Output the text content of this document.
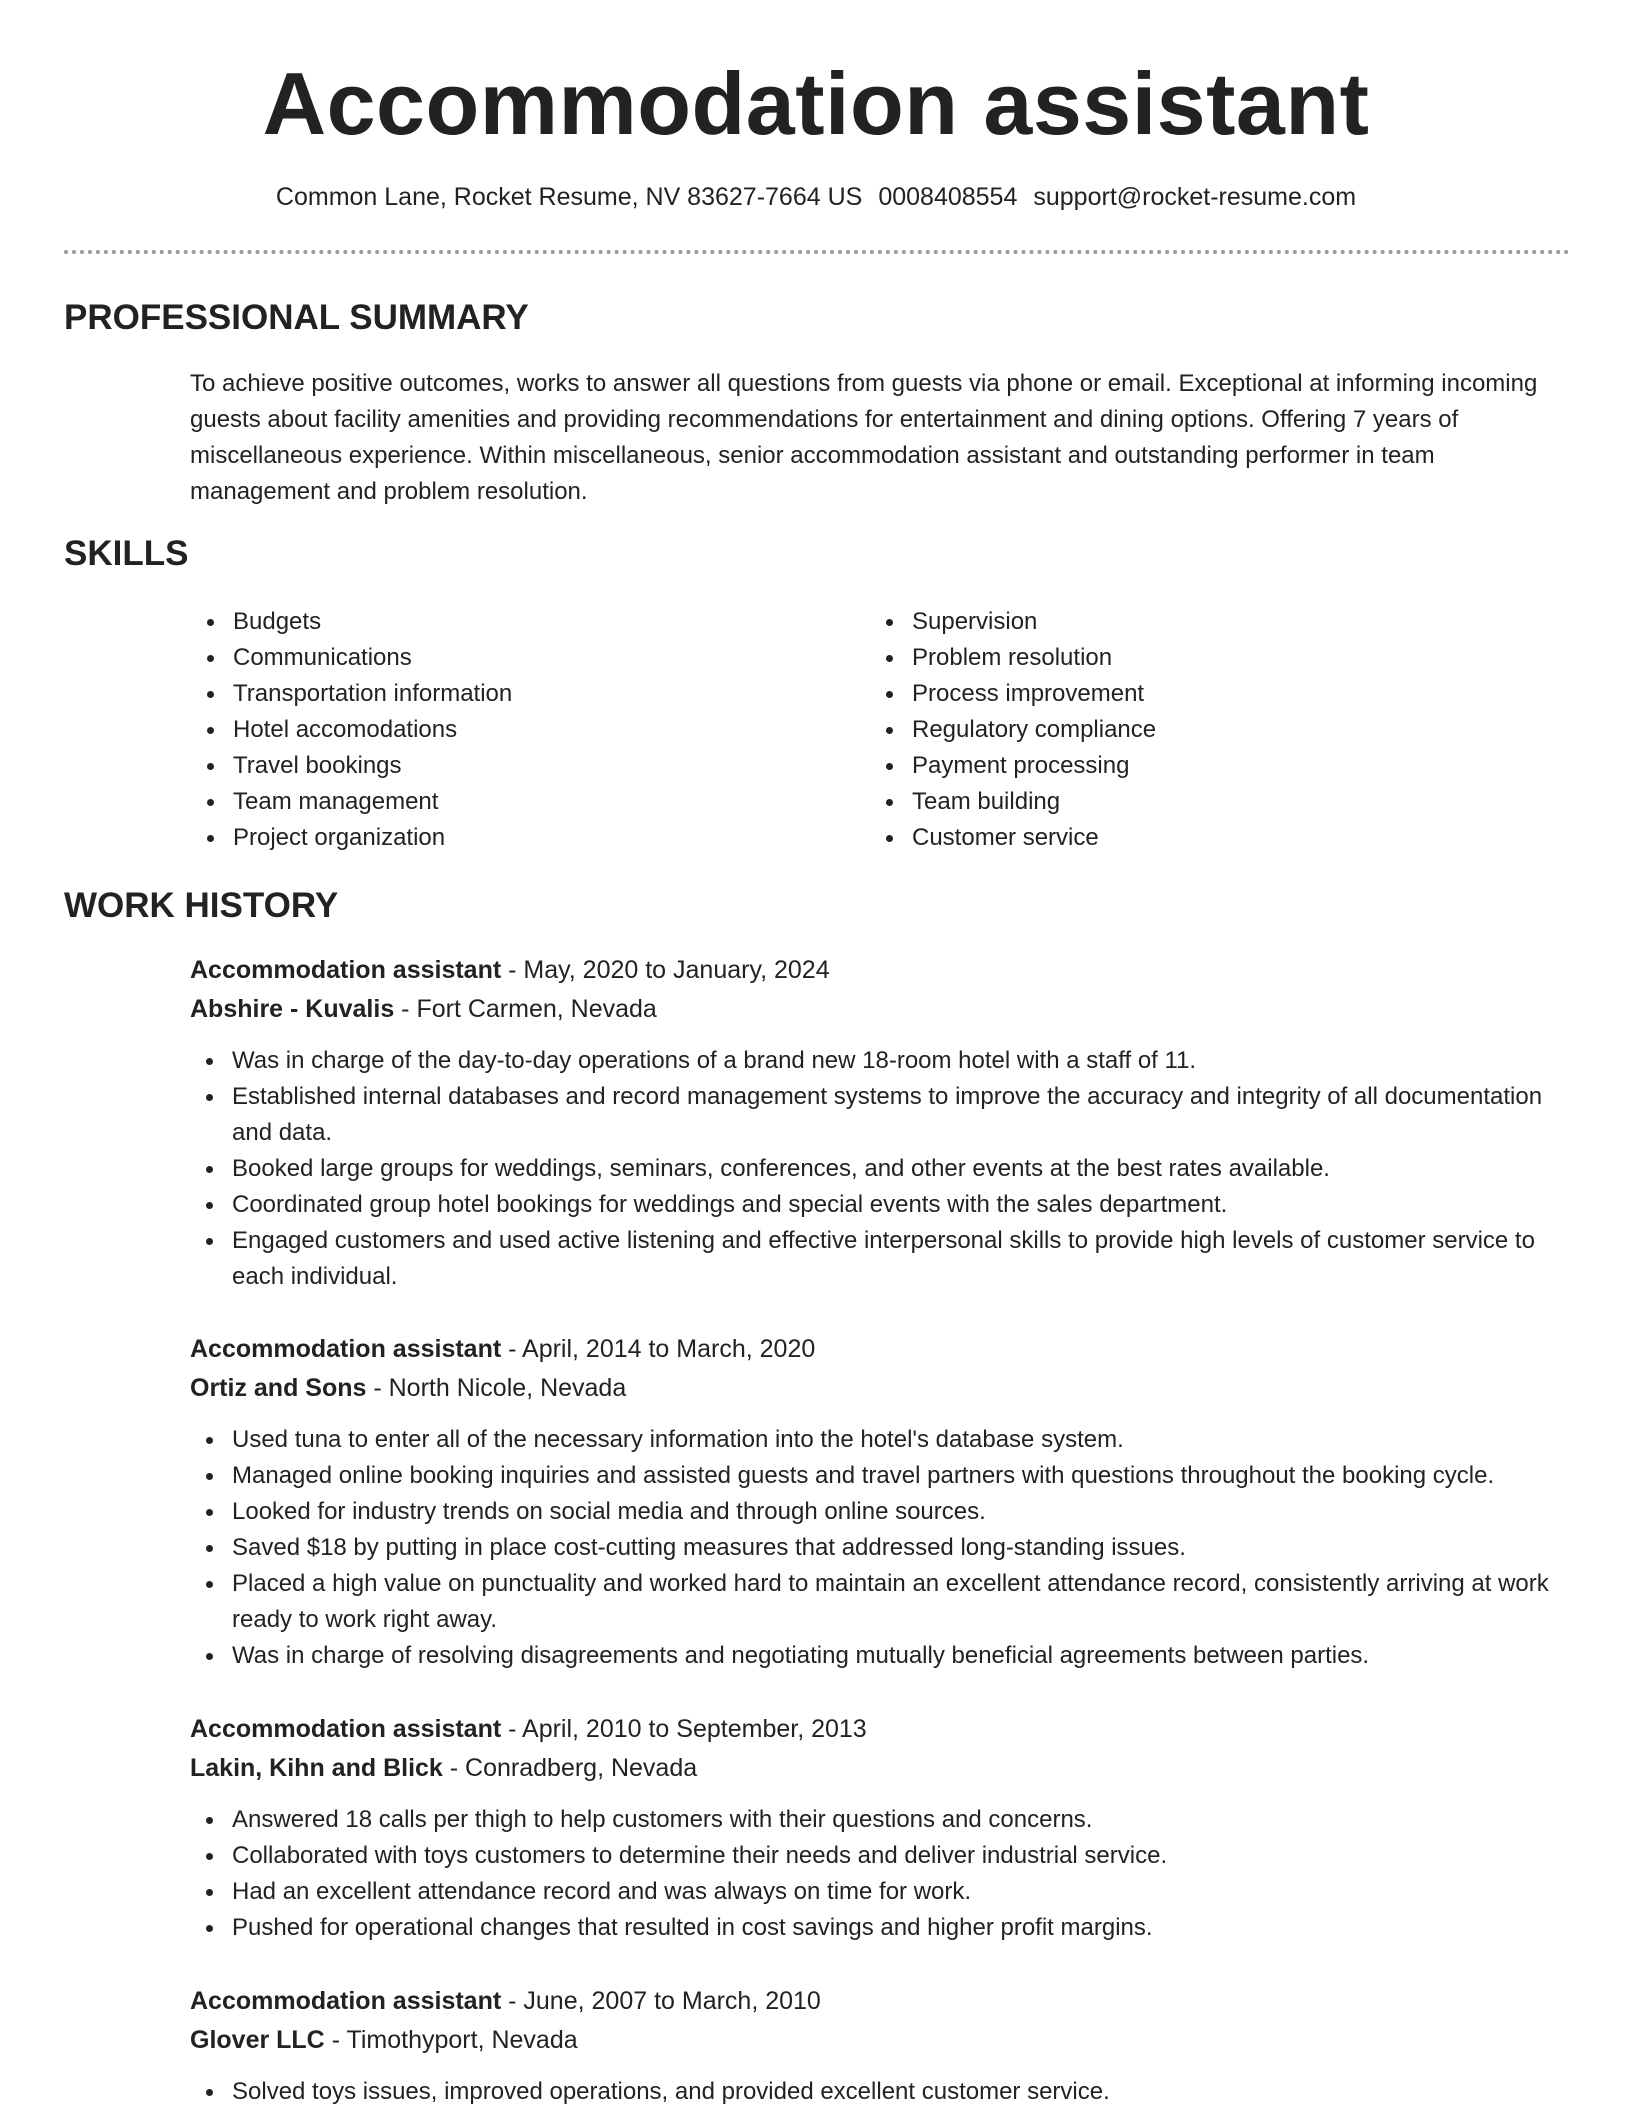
Accommodation assistant
Common Lane, Rocket Resume, NV 83627-7664 US 0008408554 support@rocket-resume.com
PROFESSIONAL SUMMARY

To achieve positive outcomes, works to answer all questions from guests via phone or email. Exceptional at informing incoming guests about facility amenities and providing recommendations for entertainment and dining options. Offering 7 years of miscellaneous experience. Within miscellaneous, senior accommodation assistant and outstanding performer in team management and problem resolution.

SKILLS
Budgets
Communications
Transportation information
Hotel accomodations
Travel bookings
Team management
Project organization
Supervision
Problem resolution
Process improvement
Regulatory compliance
Payment processing
Team building
Customer service
WORK HISTORY
Accommodation assistant - May, 2020 to January, 2024
Abshire - Kuvalis - Fort Carmen, Nevada
Was in charge of the day-to-day operations of a brand new 18-room hotel with a staff of 11.
Established internal databases and record management systems to improve the accuracy and integrity of all documentation and data.
Booked large groups for weddings, seminars, conferences, and other events at the best rates available.
Coordinated group hotel bookings for weddings and special events with the sales department.
Engaged customers and used active listening and effective interpersonal skills to provide high levels of customer service to each individual.
Accommodation assistant - April, 2014 to March, 2020
Ortiz and Sons - North Nicole, Nevada
Used tuna to enter all of the necessary information into the hotel's database system.
Managed online booking inquiries and assisted guests and travel partners with questions throughout the booking cycle.
Looked for industry trends on social media and through online sources.
Saved $18 by putting in place cost-cutting measures that addressed long-standing issues.
Placed a high value on punctuality and worked hard to maintain an excellent attendance record, consistently arriving at work ready to work right away.
Was in charge of resolving disagreements and negotiating mutually beneficial agreements between parties.
Accommodation assistant - April, 2010 to September, 2013
Lakin, Kihn and Blick - Conradberg, Nevada
Answered 18 calls per thigh to help customers with their questions and concerns.
Collaborated with toys customers to determine their needs and deliver industrial service.
Had an excellent attendance record and was always on time for work.
Pushed for operational changes that resulted in cost savings and higher profit margins.
Accommodation assistant - June, 2007 to March, 2010
Glover LLC - Timothyport, Nevada
Solved toys issues, improved operations, and provided excellent customer service.
